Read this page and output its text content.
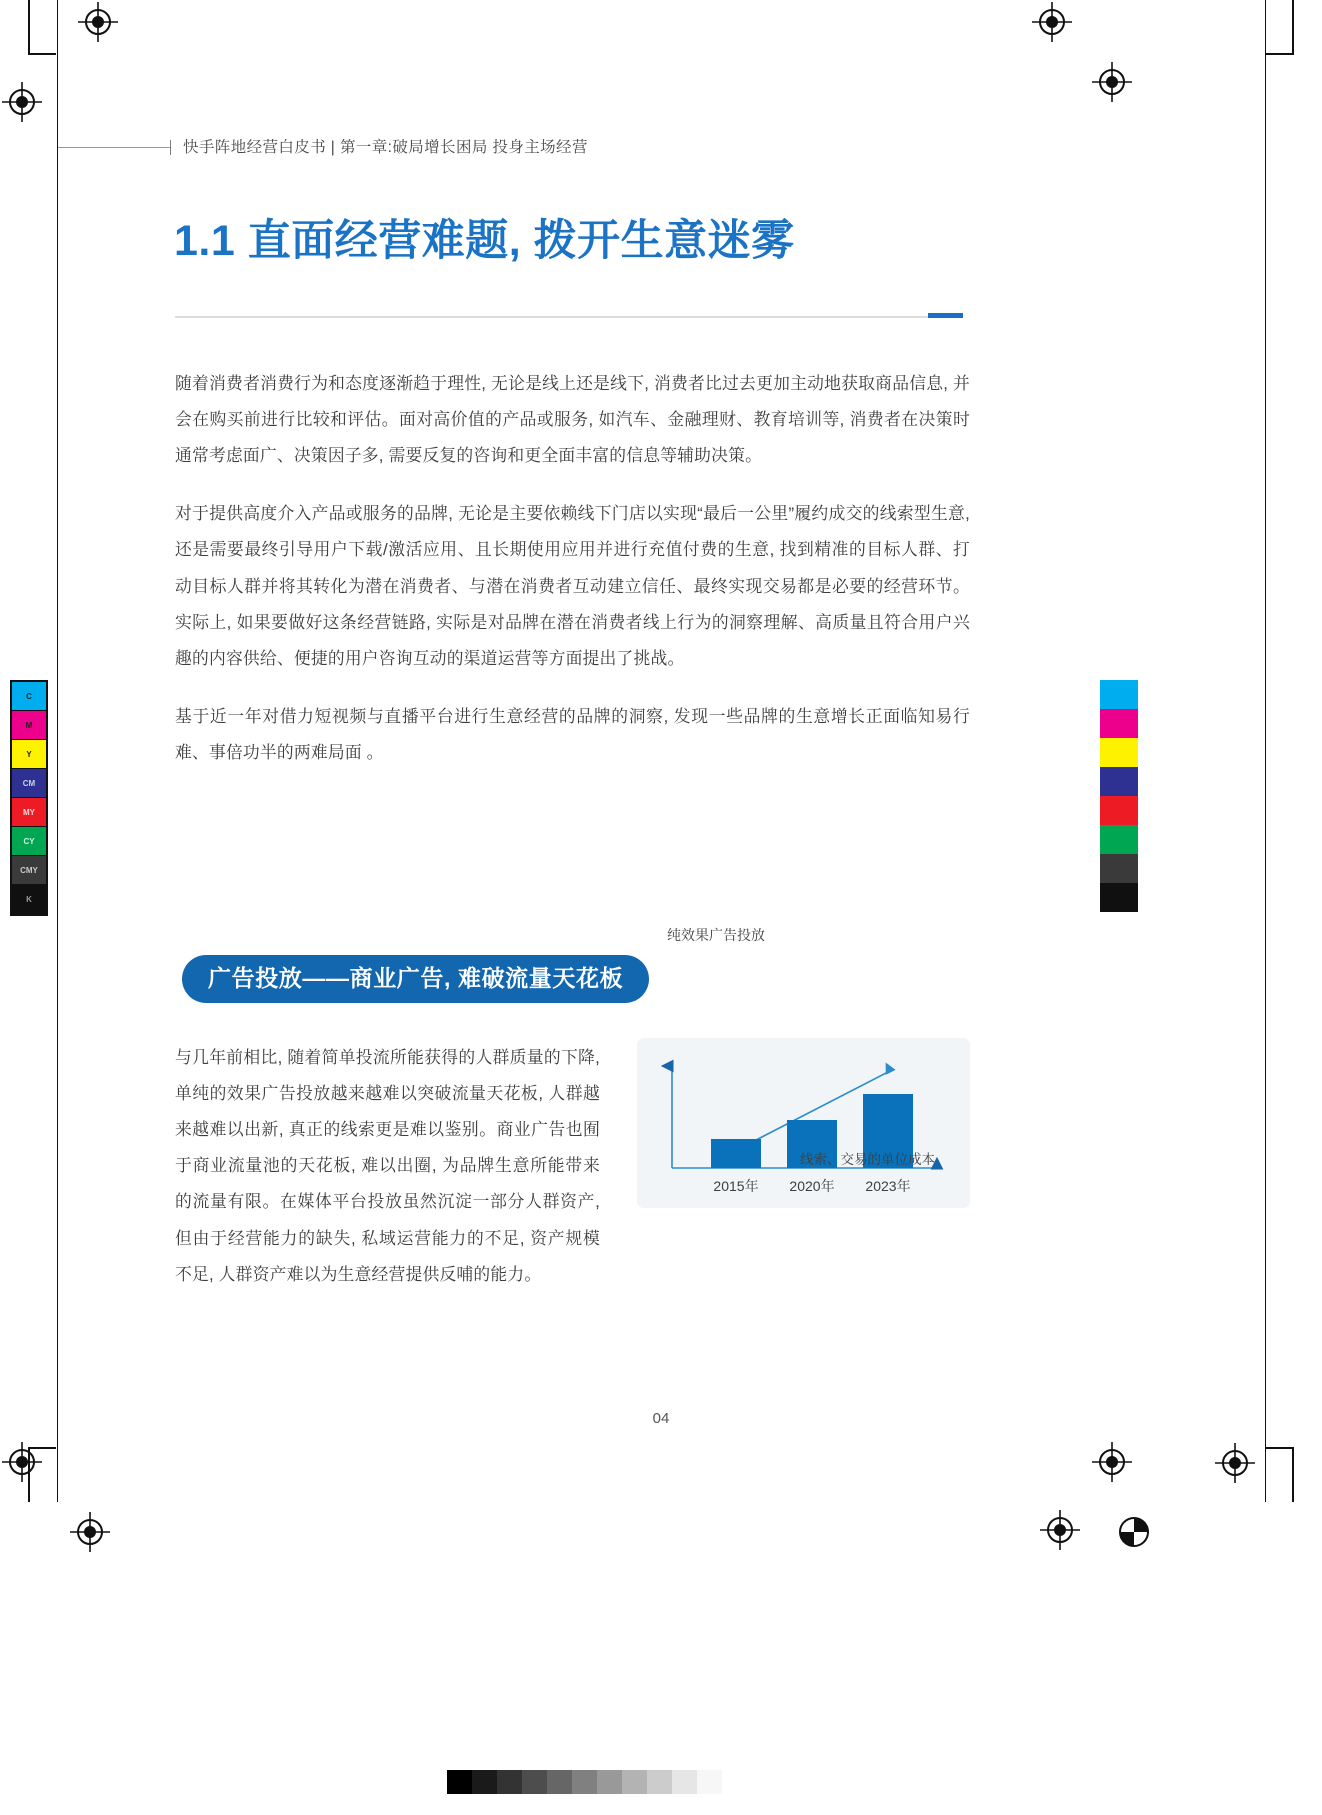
C
M
Y
CM
MY
CY
CMY
K
快手阵地经营白皮书 | 第一章:破局增长困局 投身主场经营
1.1 直面经营难题, 拨开生意迷雾

随着消费者消费行为和态度逐渐趋于理性, 无论是线上还是线下, 消费者比过去更加主动地获取商品信息, 并会在购买前进行比较和评估。面对高价值的产品或服务, 如汽车、金融理财、教育培训等, 消费者在决策时通常考虑面广、决策因子多, 需要反复的咨询和更全面丰富的信息等辅助决策。

对于提供高度介入产品或服务的品牌, 无论是主要依赖线下门店以实现“最后一公里”履约成交的线索型生意, 还是需要最终引导用户下载/激活应用、且长期使用应用并进行充值付费的生意, 找到精准的目标人群、打动目标人群并将其转化为潜在消费者、与潜在消费者互动建立信任、最终实现交易都是必要的经营环节。实际上, 如果要做好这条经营链路, 实际是对品牌在潜在消费者线上行为的洞察理解、高质量且符合用户兴趣的内容供给、便捷的用户咨询互动的渠道运营等方面提出了挑战。

基于近一年对借力短视频与直播平台进行生意经营的品牌的洞察, 发现一些品牌的生意增长正面临知易行难、事倍功半的两难局面 。

广告投放——商业广告, 难破流量天花板

与几年前相比, 随着简单投流所能获得的人群质量的下降, 单纯的效果广告投放越来越难以突破流量天花板, 人群越来越难以出新, 真正的线索更是难以鉴别。商业广告也囿于商业流量池的天花板, 难以出圈, 为品牌生意所能带来的流量有限。在媒体平台投放虽然沉淀一部分人群资产, 但由于经营能力的缺失, 私域运营能力的不足, 资产规模不足, 人群资产难以为生意经营提供反哺的能力。

2015年 2020年 2023年
纯效果广告投放
线索、交易的单位成本
04
